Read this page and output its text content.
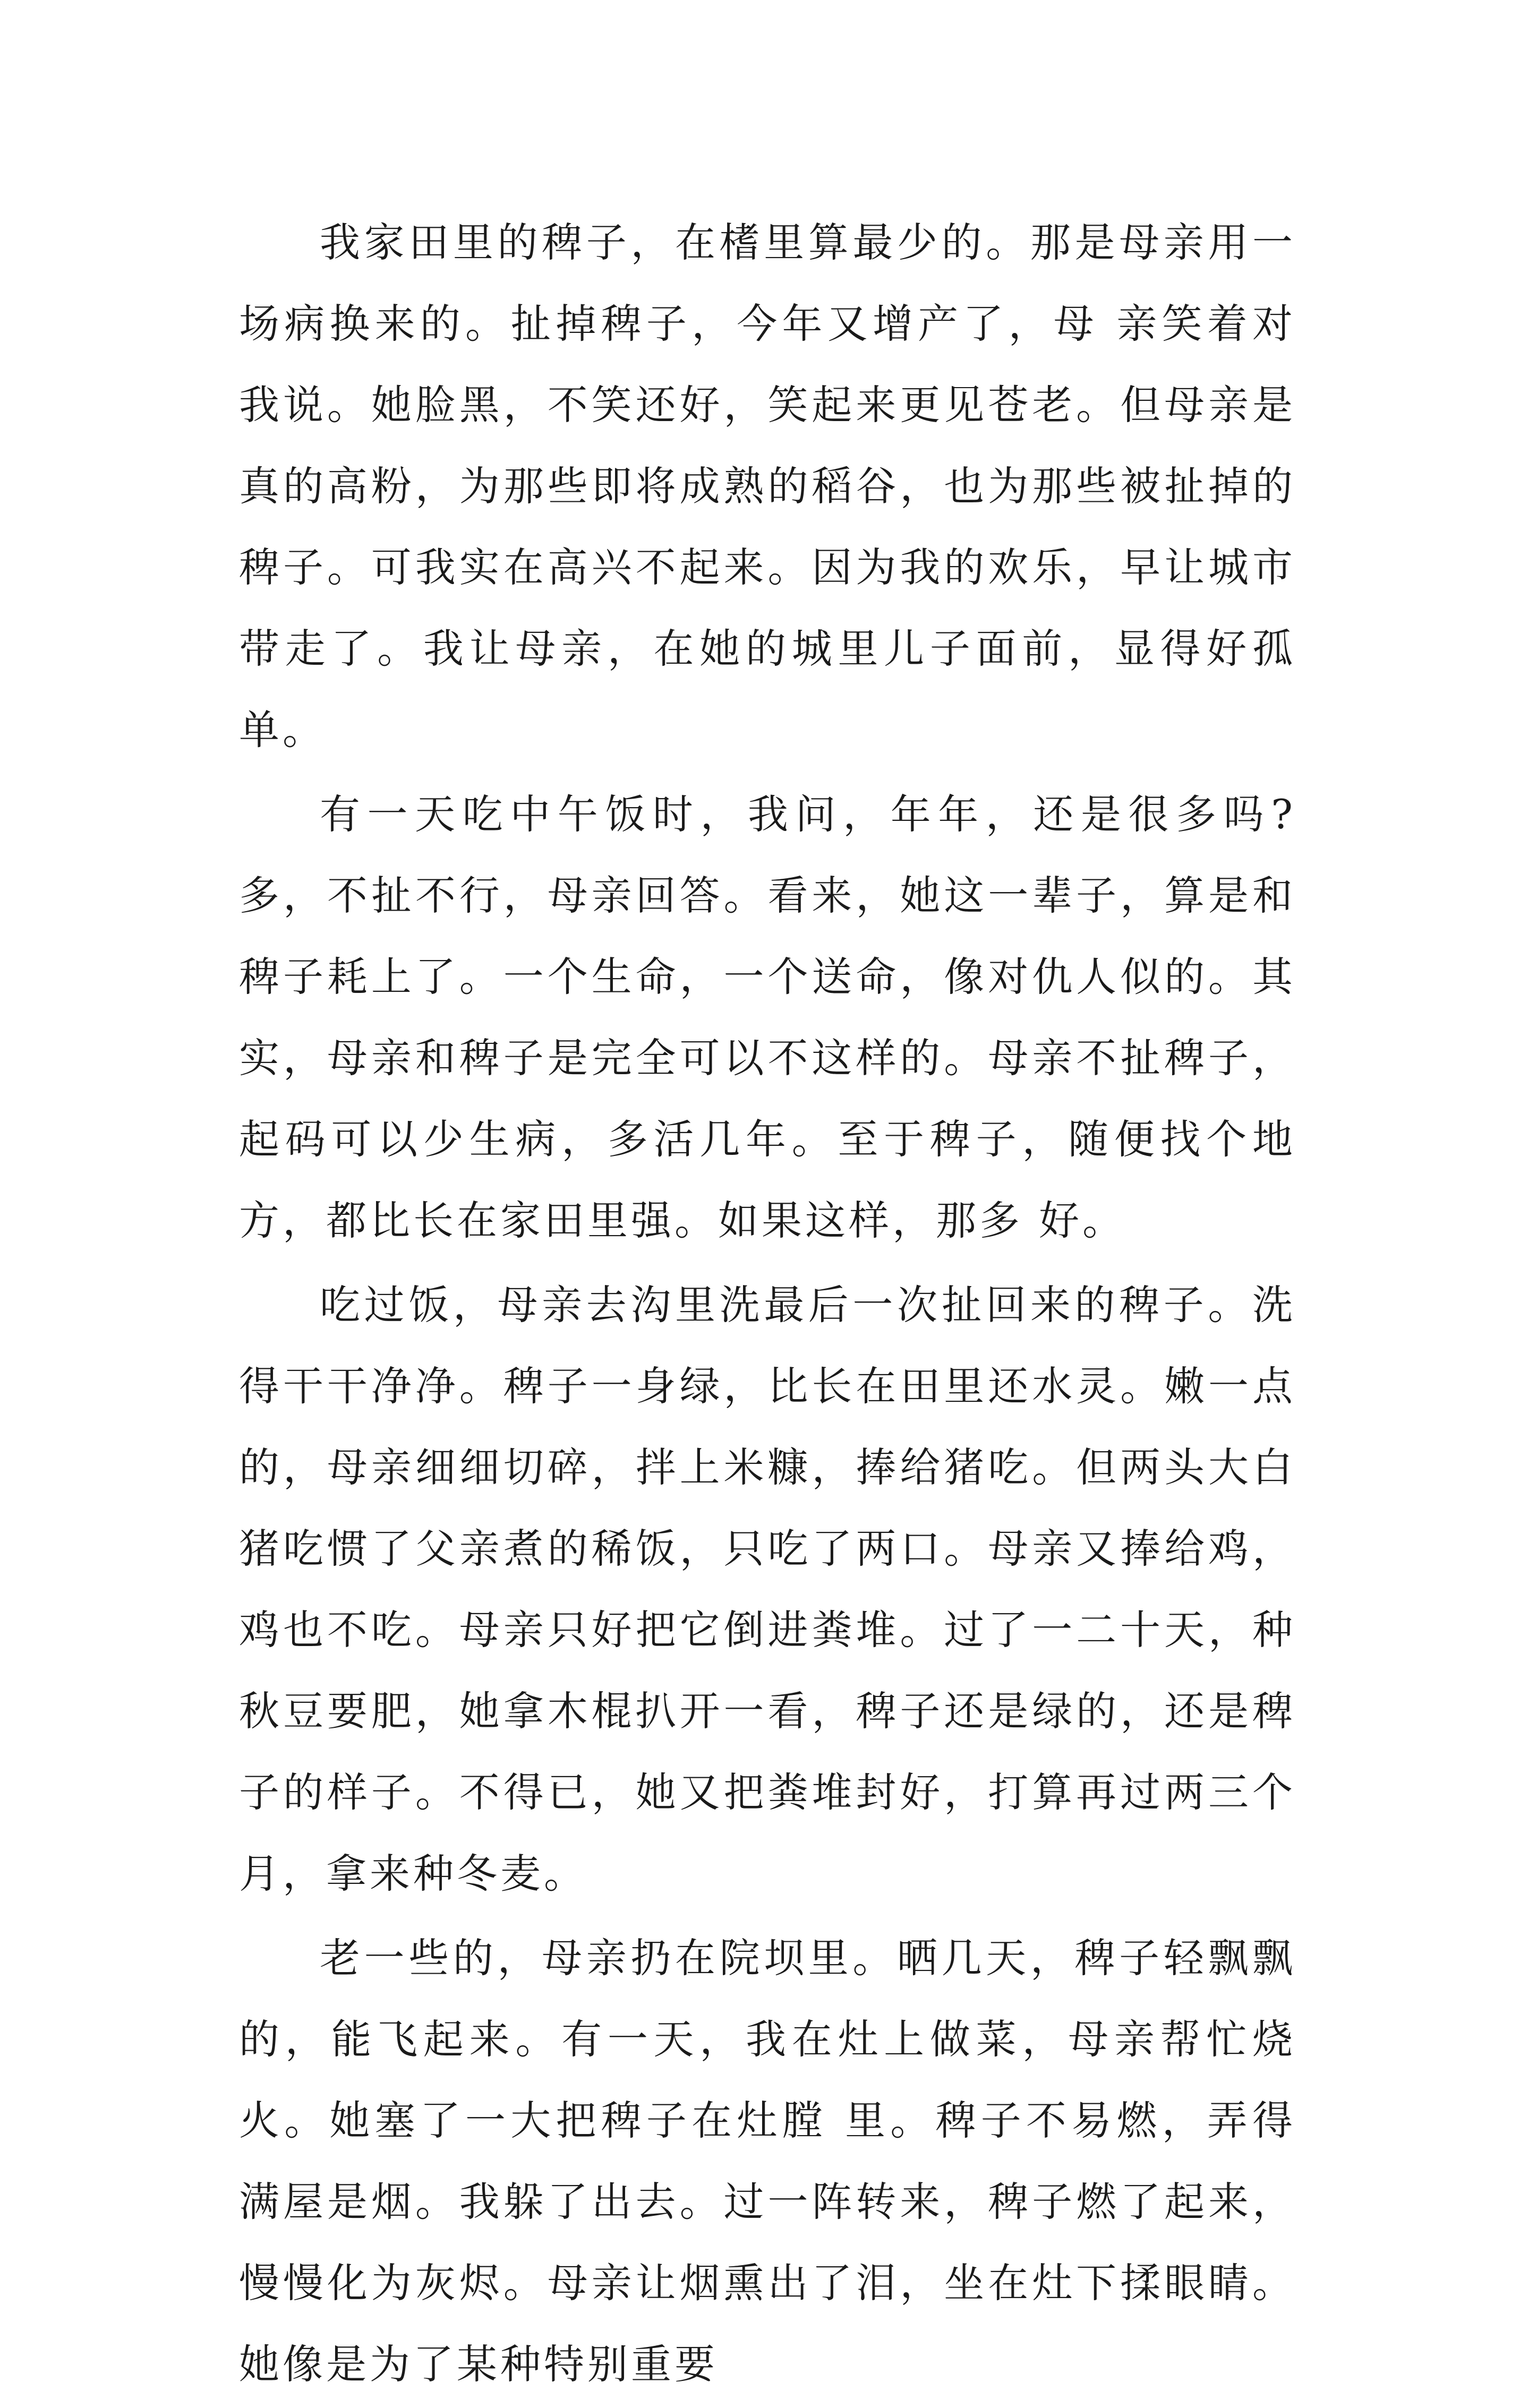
我家田里的稗子，在榰里算最少的。那是母亲用一场病换来的。扯掉稗子，今年又增产了，母 亲笑着对我说。她脸黑，不笑还好，笑起来更见苍老。但母亲是真的高粉，为那些即将成熟的稻谷，也为那些被扯掉的稗子。可我实在高兴不起来。因为我的欢乐，早让城市带走了。我让母亲，在她的城里儿子面前，显得好孤单。

有一天吃中午饭时，我问，年年，还是很多吗?多，不扯不行，母亲回答。看来，她这一辈子，算是和稗子耗上了。一个生命，一个送命，像对仇人似的。其实，母亲和稗子是完全可以不这样的。母亲不扯稗子，起码可以少生病，多活几年。至于稗子，随便找个地方，都比长在家田里强。如果这样，那多 好。

吃过饭，母亲去沟里洗最后一次扯回来的稗子。洗得干干净净。稗子一身绿，比长在田里还水灵。嫩一点的，母亲细细切碎，拌上米糠，捧给猪吃。但两头大白猪吃惯了父亲煮的稀饭，只吃了两口。母亲又捧给鸡，鸡也不吃。母亲只好把它倒进粪堆。过了一二十天，种秋豆要肥，她拿木棍扒开一看，稗子还是绿的，还是稗子的样子。不得已，她又把粪堆封好，打算再过两三个月，拿来种冬麦。

老一些的，母亲扔在院坝里。晒几天，稗子轻飘飘的，能飞起来。有一天，我在灶上做菜，母亲帮忙烧火。她塞了一大把稗子在灶膛 里。稗子不易燃，弄得满屋是烟。我躲了出去。过一阵转来，稗子燃了起来，慢慢化为灰烬。母亲让烟熏出了泪，坐在灶下揉眼睛。她像是为了某种特别重要
